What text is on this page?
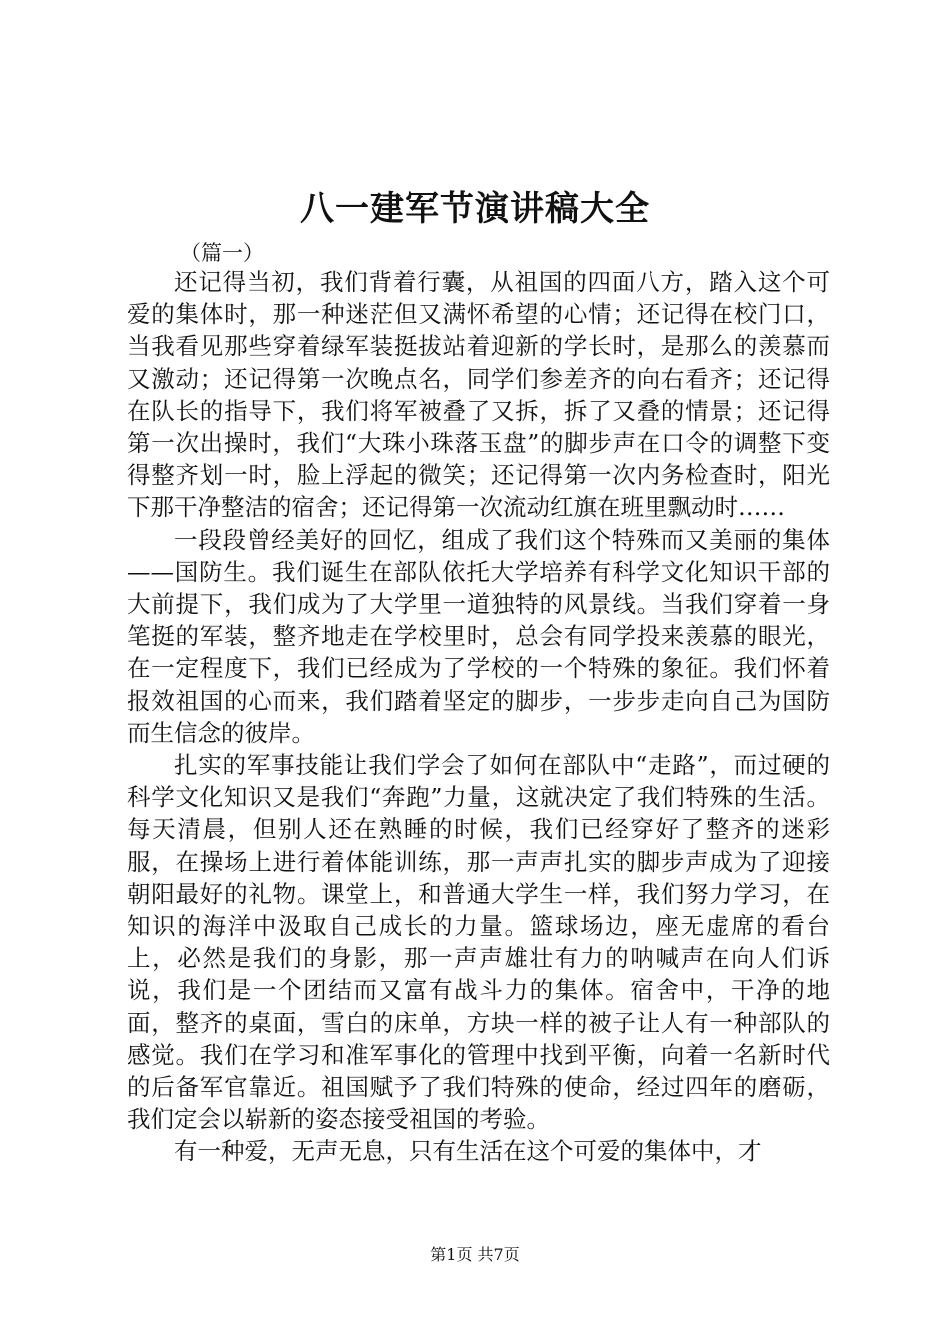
八一建军节演讲稿大全
（篇一）

还记得当初，我们背着行囊，从祖国的四面八方，踏入这个可爱的集体时，那一种迷茫但又满怀希望的心情；还记得在校门口，当我看见那些穿着绿军装挺拔站着迎新的学长时，是那么的羡慕而又激动；还记得第一次晚点名，同学们参差齐的向右看齐；还记得在队长的指导下，我们将军被叠了又拆，拆了又叠的情景；还记得第一次出操时，我们“大珠小珠落玉盘”的脚步声在口令的调整下变得整齐划一时，脸上浮起的微笑；还记得第一次内务检查时，阳光下那干净整洁的宿舍；还记得第一次流动红旗在班里飘动时……

一段段曾经美好的回忆，组成了我们这个特殊而又美丽的集体——国防生。我们诞生在部队依托大学培养有科学文化知识干部的大前提下，我们成为了大学里一道独特的风景线。当我们穿着一身笔挺的军装，整齐地走在学校里时，总会有同学投来羡慕的眼光，在一定程度下，我们已经成为了学校的一个特殊的象征。我们怀着报效祖国的心而来，我们踏着坚定的脚步，一步步走向自己为国防而生信念的彼岸。

扎实的军事技能让我们学会了如何在部队中“走路”，而过硬的科学文化知识又是我们“奔跑”力量，这就决定了我们特殊的生活。每天清晨，但别人还在熟睡的时候，我们已经穿好了整齐的迷彩服，在操场上进行着体能训练，那一声声扎实的脚步声成为了迎接朝阳最好的礼物。课堂上，和普通大学生一样，我们努力学习，在知识的海洋中汲取自己成长的力量。篮球场边，座无虚席的看台上，必然是我们的身影，那一声声雄壮有力的呐喊声在向人们诉说，我们是一个团结而又富有战斗力的集体。宿舍中，干净的地面，整齐的桌面，雪白的床单，方块一样的被子让人有一种部队的感觉。我们在学习和准军事化的管理中找到平衡，向着一名新时代的后备军官靠近。祖国赋予了我们特殊的使命，经过四年的磨砺，我们定会以崭新的姿态接受祖国的考验。

有一种爱，无声无息，只有生活在这个可爱的集体中，才

第1页 共7页
